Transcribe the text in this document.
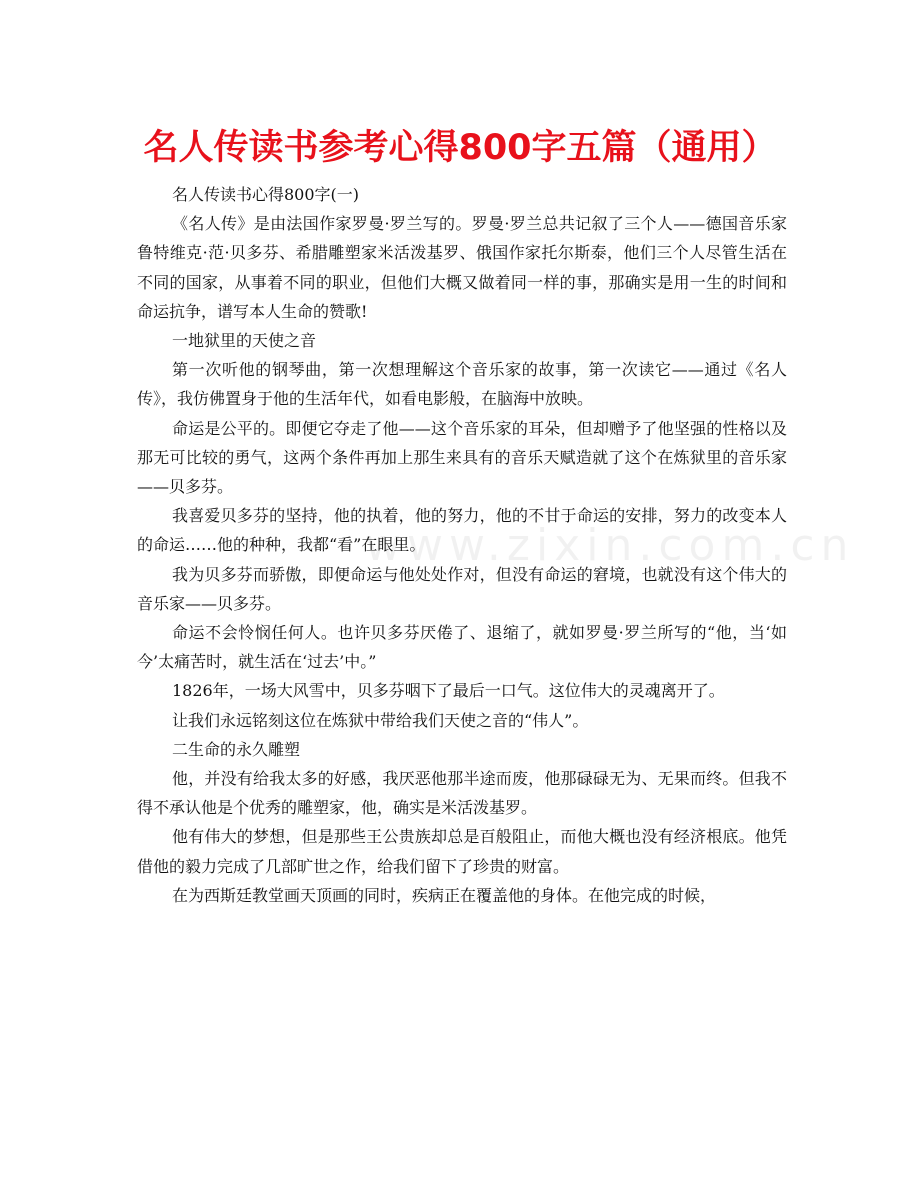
www.zixin.com.cn
名人传读书参考心得800字五篇（通用）

名人传读书心得800字(一)

《名人传》是由法国作家罗曼·罗兰写的。罗曼·罗兰总共记叙了三个人——德国音乐家鲁特维克·范·贝多芬、希腊雕塑家米活泼基罗、俄国作家托尔斯泰，他们三个人尽管生活在不同的国家，从事着不同的职业，但他们大概又做着同一样的事，那确实是用一生的时间和命运抗争，谱写本人生命的赞歌!

一地狱里的天使之音

第一次听他的钢琴曲，第一次想理解这个音乐家的故事，第一次读它——通过《名人传》，我仿佛置身于他的生活年代，如看电影般，在脑海中放映。

命运是公平的。即便它夺走了他——这个音乐家的耳朵，但却赠予了他坚强的性格以及那无可比较的勇气，这两个条件再加上那生来具有的音乐天赋造就了这个在炼狱里的音乐家——贝多芬。

我喜爱贝多芬的坚持，他的执着，他的努力，他的不甘于命运的安排，努力的改变本人的命运……他的种种，我都“看”在眼里。

我为贝多芬而骄傲，即便命运与他处处作对，但没有命运的窘境，也就没有这个伟大的音乐家——贝多芬。

命运不会怜悯任何人。也许贝多芬厌倦了、退缩了，就如罗曼·罗兰所写的“他，当‘如今’太痛苦时，就生活在‘过去’中。”

1826年，一场大风雪中，贝多芬咽下了最后一口气。这位伟大的灵魂离开了。

让我们永远铭刻这位在炼狱中带给我们天使之音的“伟人”。

二生命的永久雕塑

他，并没有给我太多的好感，我厌恶他那半途而废，他那碌碌无为、无果而终。但我不得不承认他是个优秀的雕塑家，他，确实是米活泼基罗。

他有伟大的梦想，但是那些王公贵族却总是百般阻止，而他大概也没有经济根底。他凭借他的毅力完成了几部旷世之作，给我们留下了珍贵的财富。

在为西斯廷教堂画天顶画的同时，疾病正在覆盖他的身体。在他完成的时候，
